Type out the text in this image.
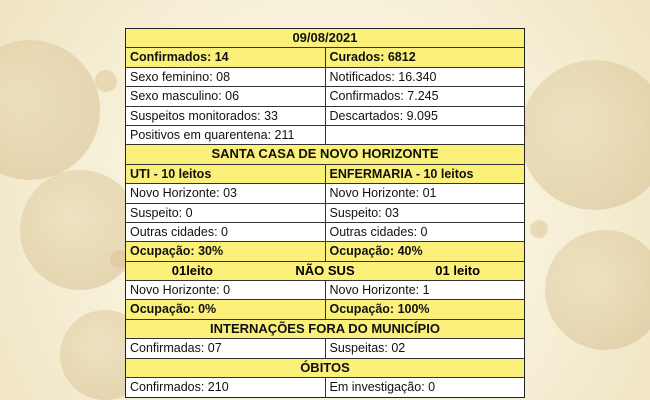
09/08/2021
Confirmados: 14	Curados: 6812
Sexo feminino: 08	Notificados: 16.340
Sexo masculino: 06	Confirmados: 7.245
Suspeitos monitorados: 33	Descartados: 9.095
Positivos em quarentena: 211
SANTA CASA DE NOVO HORIZONTE
UTI - 10 leitos	ENFERMARIA - 10 leitos
Novo Horizonte: 03	Novo Horizonte: 01
Suspeito: 0	Suspeito: 03
Outras cidades: 0	Outras cidades: 0
Ocupação: 30%	Ocupação: 40%
01leito	NÃO SUS	01 leito
Novo Horizonte: 0	Novo Horizonte: 1
Ocupação: 0%	Ocupação: 100%
INTERNAÇÕES FORA DO MUNICÍPIO
Confirmadas: 07	Suspeitas: 02
ÓBITOS
Confirmados: 210	Em investigação: 0
